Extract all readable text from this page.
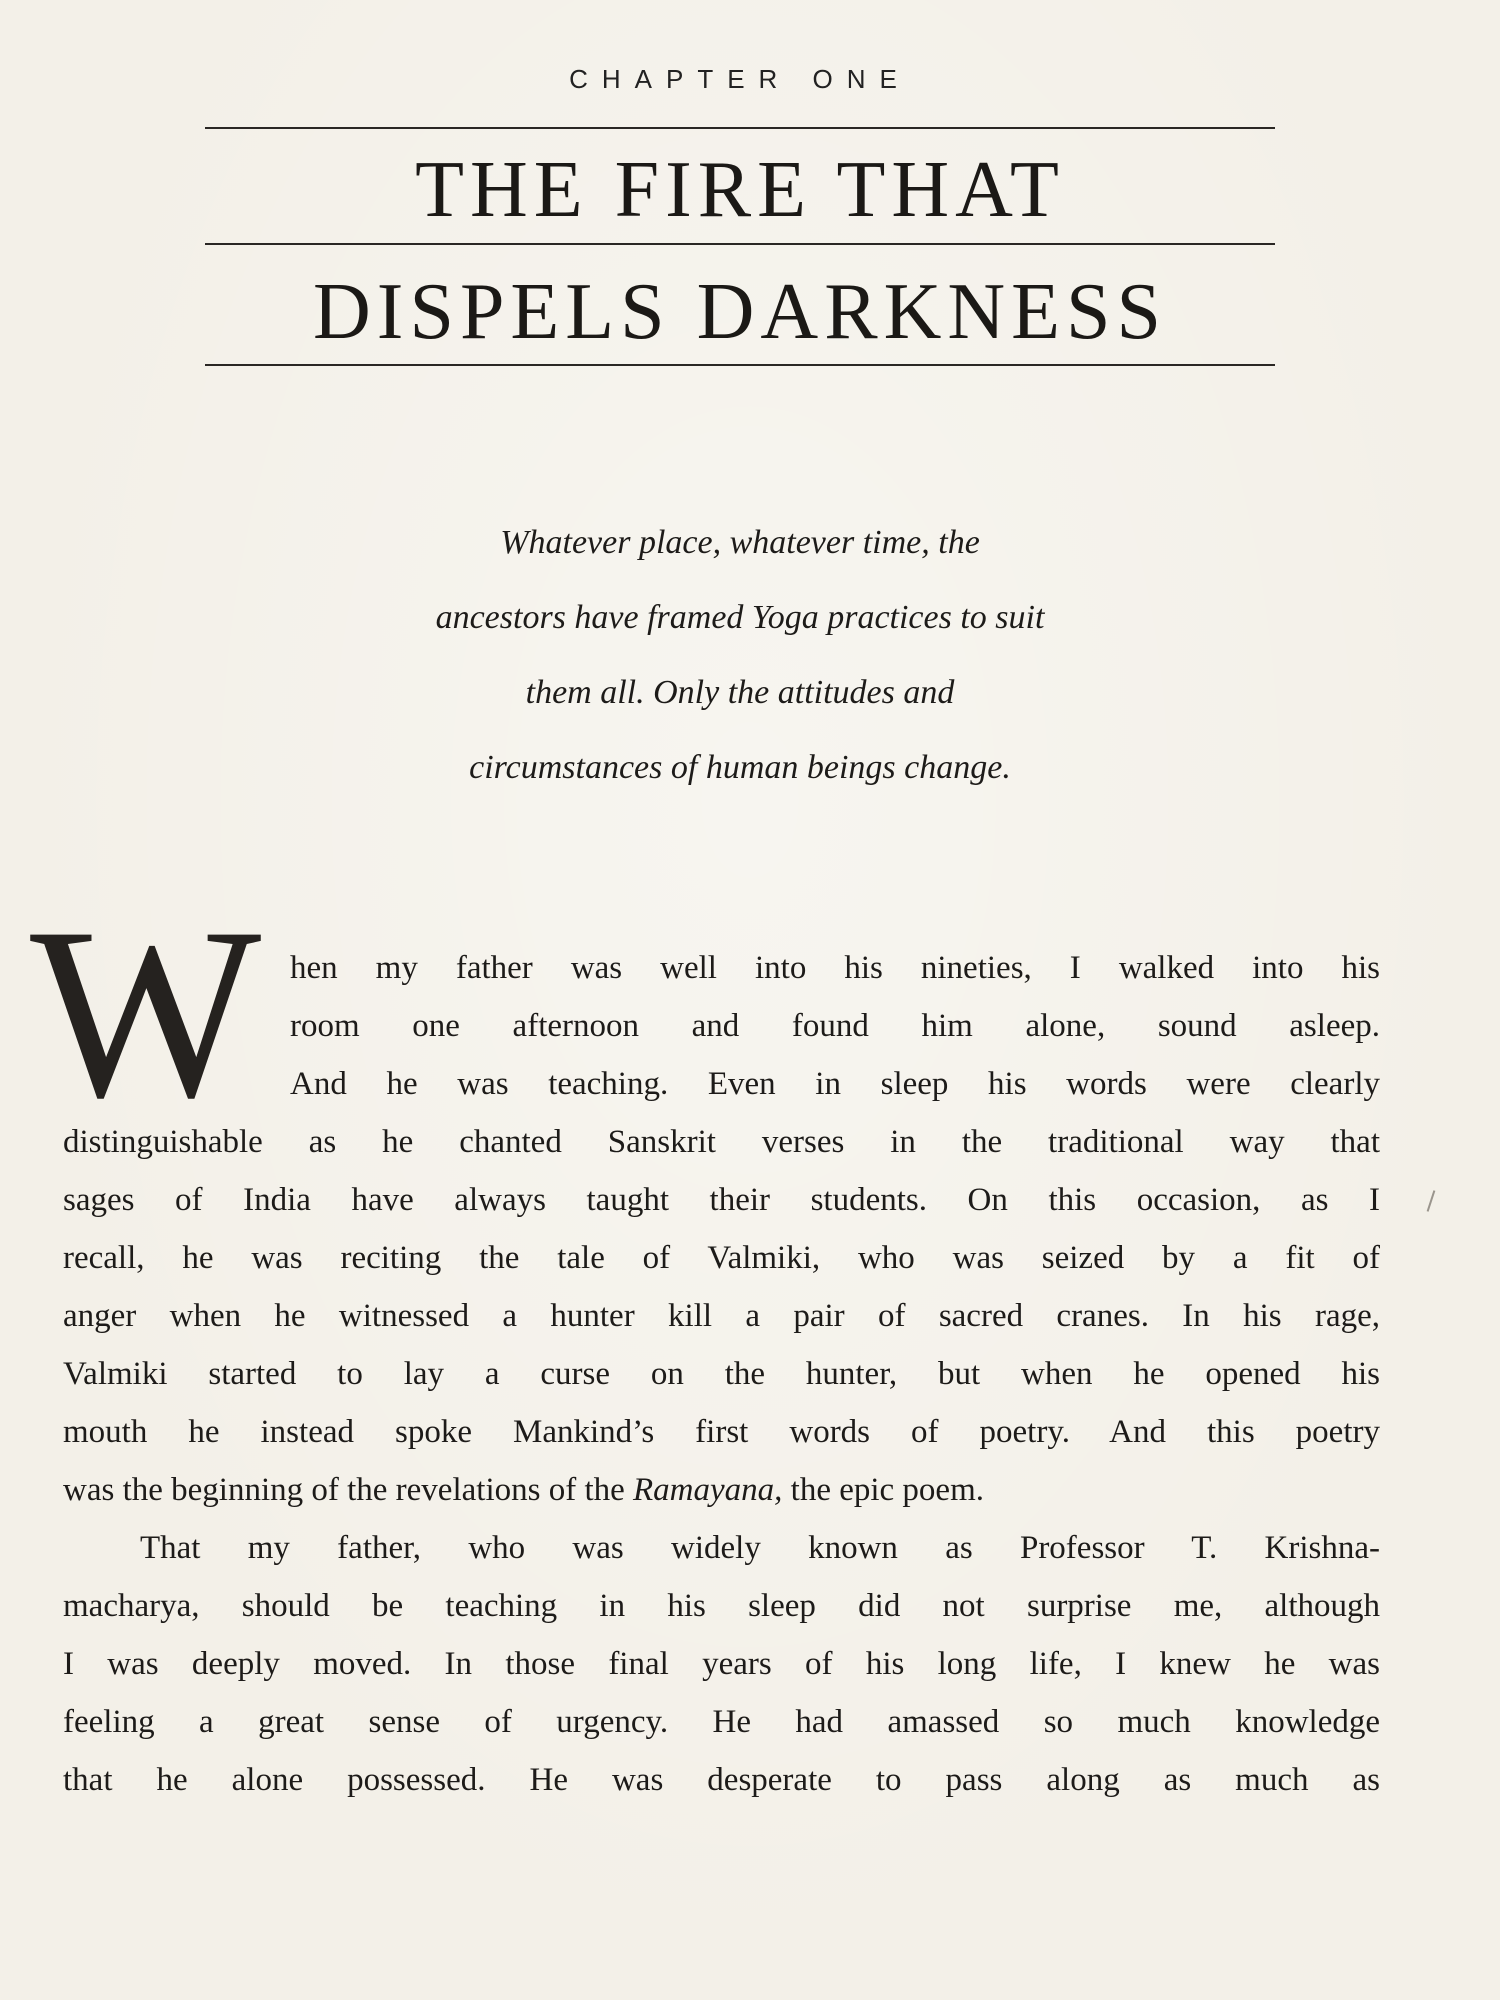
CHAPTER ONE
THE FIRE THAT
DISPELS DARKNESS
Whatever place, whatever time, the
ancestors have framed Yoga practices to suit
them all. Only the attitudes and
circumstances of human beings change.
W hen my father was well into his nineties, I walked into his
room one afternoon and found him alone, sound asleep.
And he was teaching. Even in sleep his words were clearly
distinguishable as he chanted Sanskrit verses in the traditional way that
sages of India have always taught their students. On this occasion, as I
recall, he was reciting the tale of Valmiki, who was seized by a fit of
anger when he witnessed a hunter kill a pair of sacred cranes. In his rage,
Valmiki started to lay a curse on the hunter, but when he opened his
mouth he instead spoke Mankind’s first words of poetry. And this poetry
was the beginning of the revelations of the Ramayana, the epic poem.
That my father, who was widely known as Professor T. Krishna-
macharya, should be teaching in his sleep did not surprise me, although
I was deeply moved. In those final years of his long life, I knew he was
feeling a great sense of urgency. He had amassed so much knowledge
that he alone possessed. He was desperate to pass along as much as
